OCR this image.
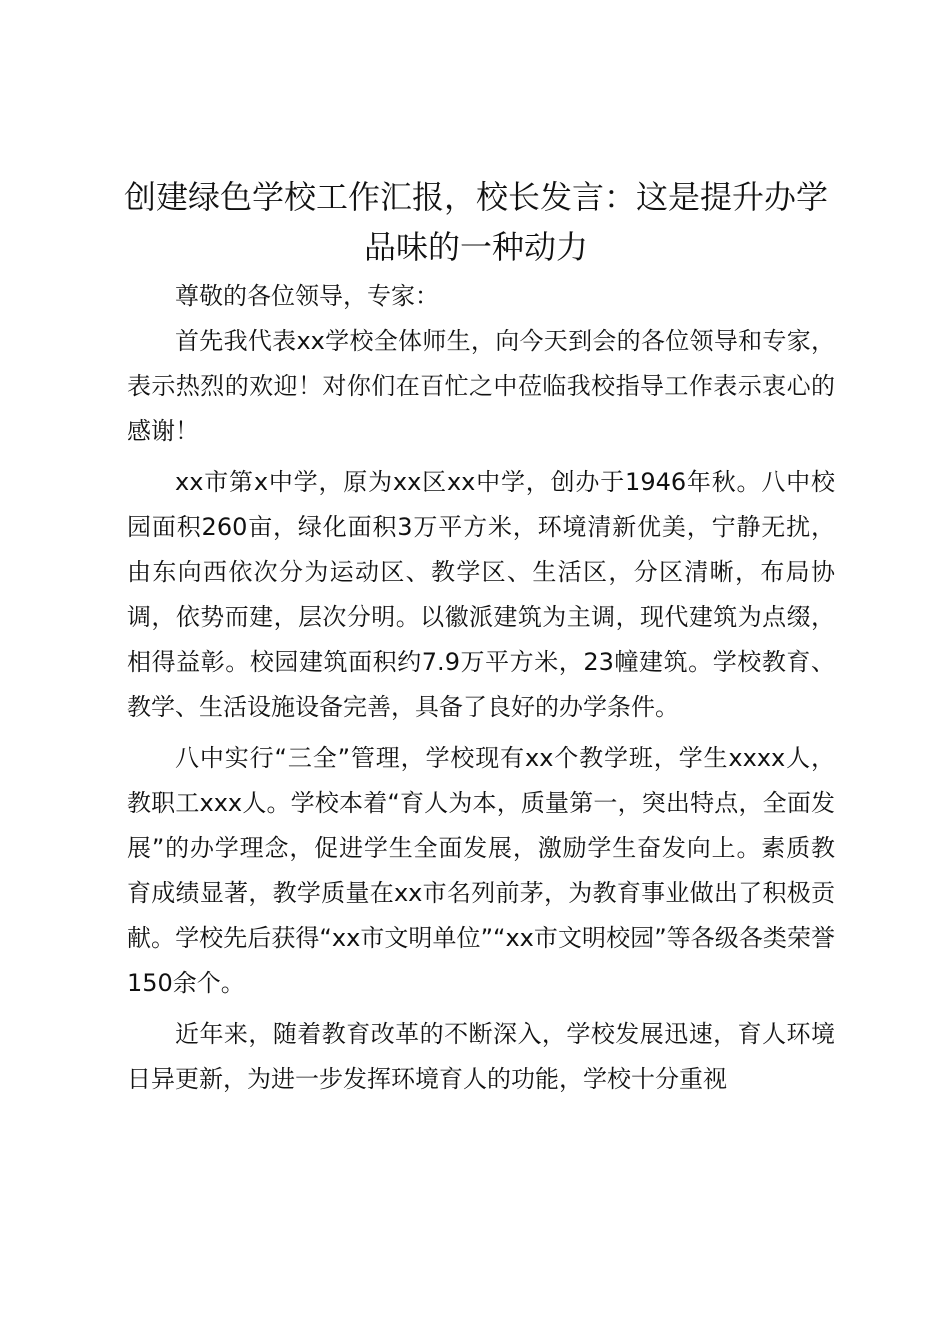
创建绿色学校工作汇报，校长发言：这是提升办学品味的一种动力

尊敬的各位领导，专家：

首先我代表xx学校全体师生，向今天到会的各位领导和专家，表示热烈的欢迎！对你们在百忙之中莅临我校指导工作表示衷心的感谢！

xx市第x中学，原为xx区xx中学，创办于1946年秋。八中校园面积260亩，绿化面积3万平方米，环境清新优美，宁静无扰，由东向西依次分为运动区、教学区、生活区，分区清晰，布局协调，依势而建，层次分明。以徽派建筑为主调，现代建筑为点缀，相得益彰。校园建筑面积约7.9万平方米，23幢建筑。学校教育、教学、生活设施设备完善，具备了良好的办学条件。

八中实行“三全”管理，学校现有xx个教学班，学生xxxx人，教职工xxx人。学校本着“育人为本，质量第一，突出特点，全面发展”的办学理念，促进学生全面发展，激励学生奋发向上。素质教育成绩显著，教学质量在xx市名列前茅，为教育事业做出了积极贡献。学校先后获得“xx市文明单位”“xx市文明校园”等各级各类荣誉150余个。

近年来，随着教育改革的不断深入，学校发展迅速，育人环境日异更新，为进一步发挥环境育人的功能，学校十分重视
